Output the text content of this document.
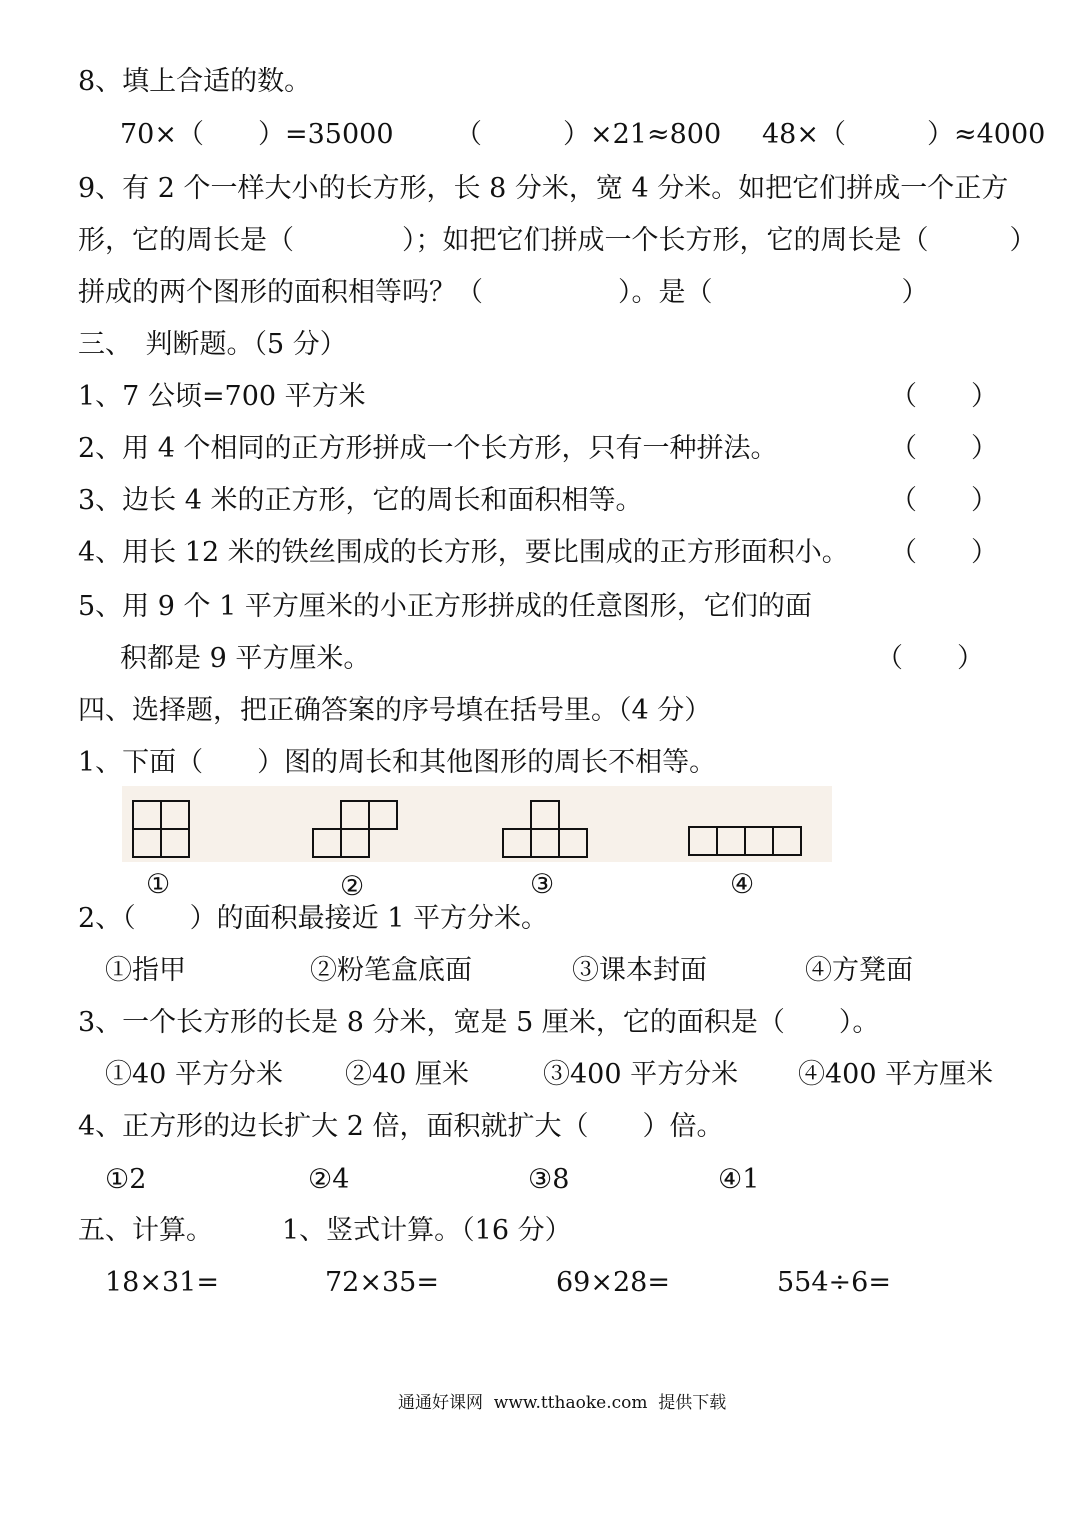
8、填上合适的数。
70×（　　）=35000 （　　　）×21≈800 48×（　　　）≈4000
9、有 2 个一样大小的长方形，长 8 分米，宽 4 分米。如把它们拼成一个正方
形，它的周长是（　　　　）；如把它们拼成一个长方形，它的周长是（　　　）
拼成的两个图形的面积相等吗？（　　　　　）。是（　　　　　　　）
三、　判断题。（5 分）
1、7 公顷=700 平方米	（　　）
2、用 4 个相同的正方形拼成一个长方形，只有一种拼法。	（　　）
3、边长 4 米的正方形，它的周长和面积相等。	（　　）
4、用长 12 米的铁丝围成的长方形，要比围成的正方形面积小。 （　　）
5、用 9 个 1 平方厘米的小正方形拼成的任意图形，它们的面
积都是 9 平方厘米。	（　　）
四、选择题，把正确答案的序号填在括号里。（4 分）
1、下面（　　）图的周长和其他图形的周长不相等。
①	②	③	④
2、（　　）的面积最接近 1 平方分米。
①指甲	②粉笔盒底面	③课本封面	④方凳面
3、一个长方形的长是 8 分米，宽是 5 厘米，它的面积是（　　）。
①40 平方分米 ②40 厘米	③400 平方分米 ④400 平方厘米
4、正方形的边长扩大 2 倍，面积就扩大（　　）倍。
①2	②4	③8	④1
五、计算。	1、竖式计算。（16 分）
18×31=	72×35=	69×28=	554÷6=
通通好课网  www.tthaoke.com  提供下载
